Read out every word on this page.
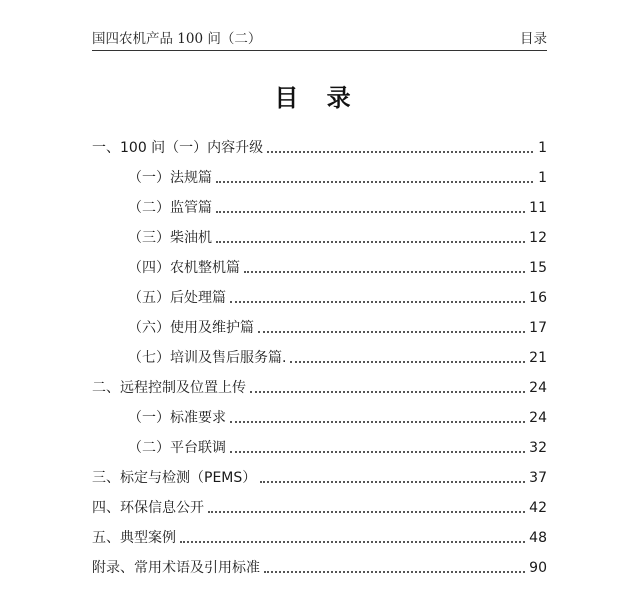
国四农机产品 100 问（二）	目录
目 录
一、100 问（一）内容升级	1
（一）法规篇	1
（二）监管篇	11
（三）柴油机	12
（四）农机整机篇	15
（五）后处理篇	16
（六）使用及维护篇	17
（七）培训及售后服务篇.	21
二、远程控制及位置上传	24
（一）标准要求	24
（二）平台联调	32
三、标定与检测（PEMS）	37
四、环保信息公开	42
五、典型案例	48
附录、常用术语及引用标准	90
